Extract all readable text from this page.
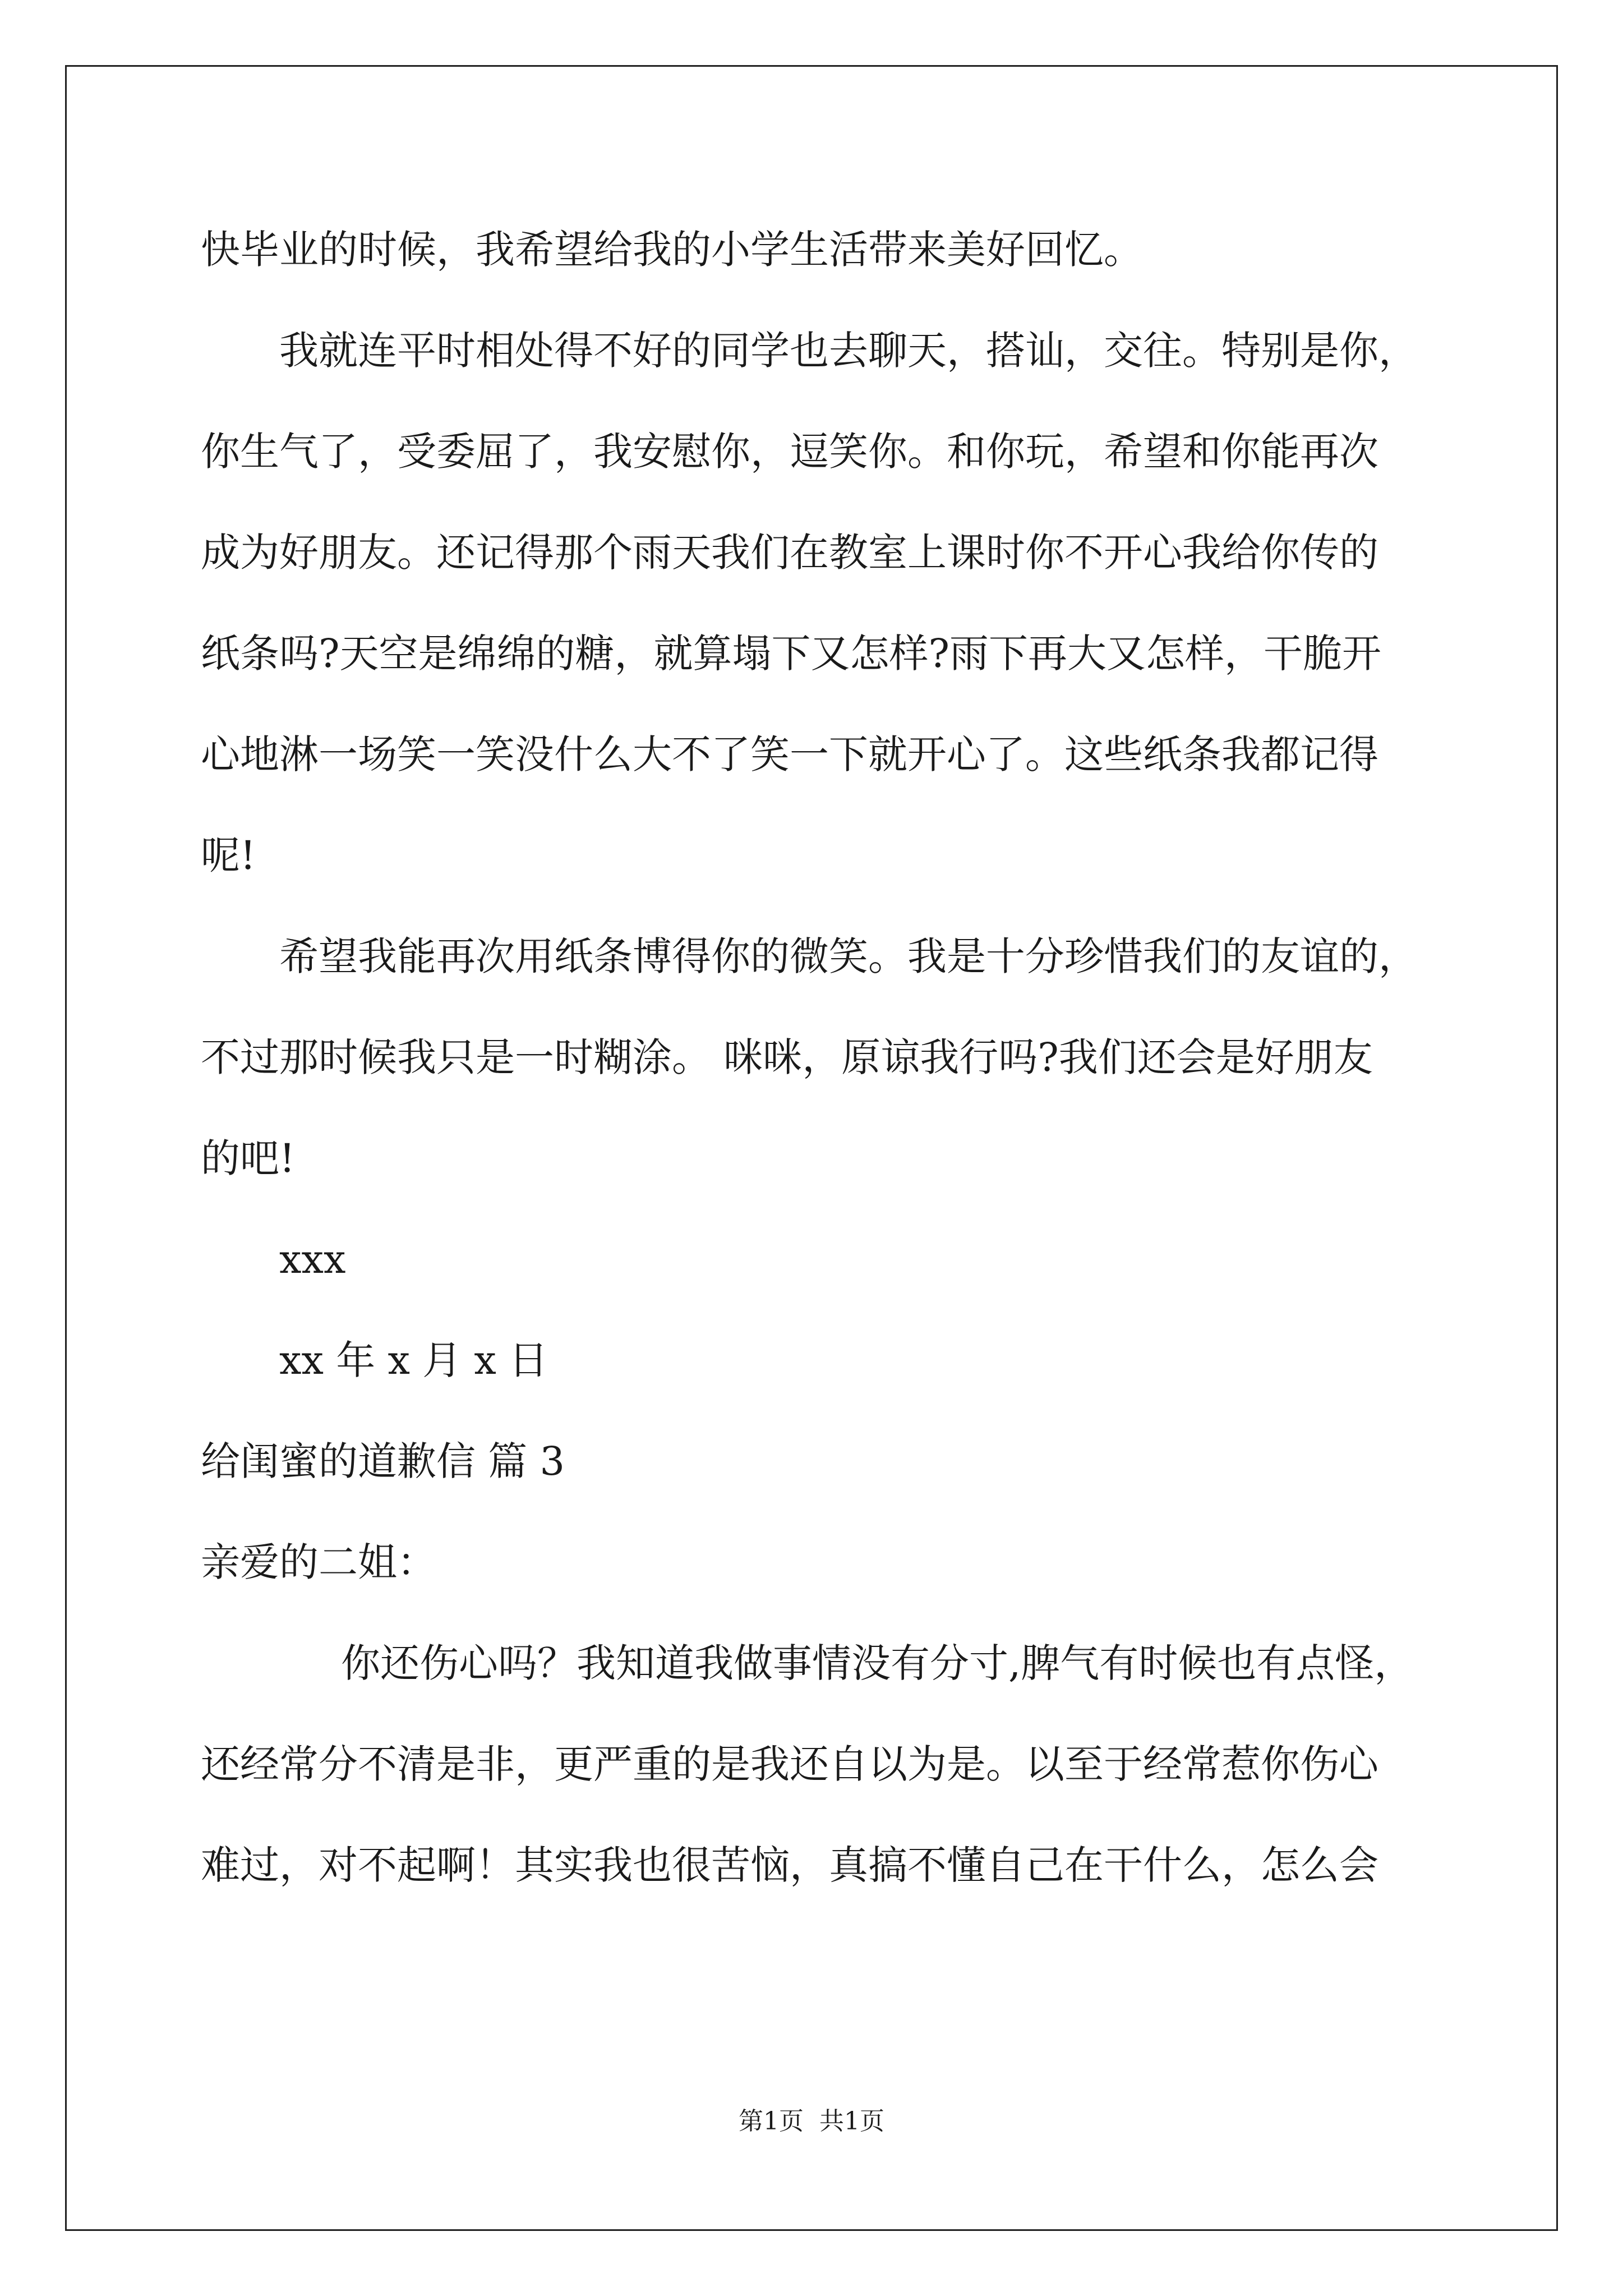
快毕业的时候，我希望给我的小学生活带来美好回忆。
我就连平时相处得不好的同学也去聊天，搭讪，交往。特别是你，
你生气了，受委屈了，我安慰你，逗笑你。和你玩，希望和你能再次
成为好朋友。还记得那个雨天我们在教室上课时你不开心我给你传的
纸条吗?天空是绵绵的糖，就算塌下又怎样?雨下再大又怎样，干脆开
心地淋一场笑一笑没什么大不了笑一下就开心了。这些纸条我都记得
呢!
希望我能再次用纸条博得你的微笑。我是十分珍惜我们的友谊的，
不过那时候我只是一时糊涂。 咪咪，原谅我行吗?我们还会是好朋友
的吧!
xxx
xx 年 x 月 x 日
给闺蜜的道歉信 篇 3
亲爱的二姐：
你还伤心吗？我知道我做事情没有分寸,脾气有时候也有点怪，
还经常分不清是非，更严重的是我还自以为是。以至于经常惹你伤心
难过，对不起啊！其实我也很苦恼，真搞不懂自己在干什么，怎么会
第1页 共1页
